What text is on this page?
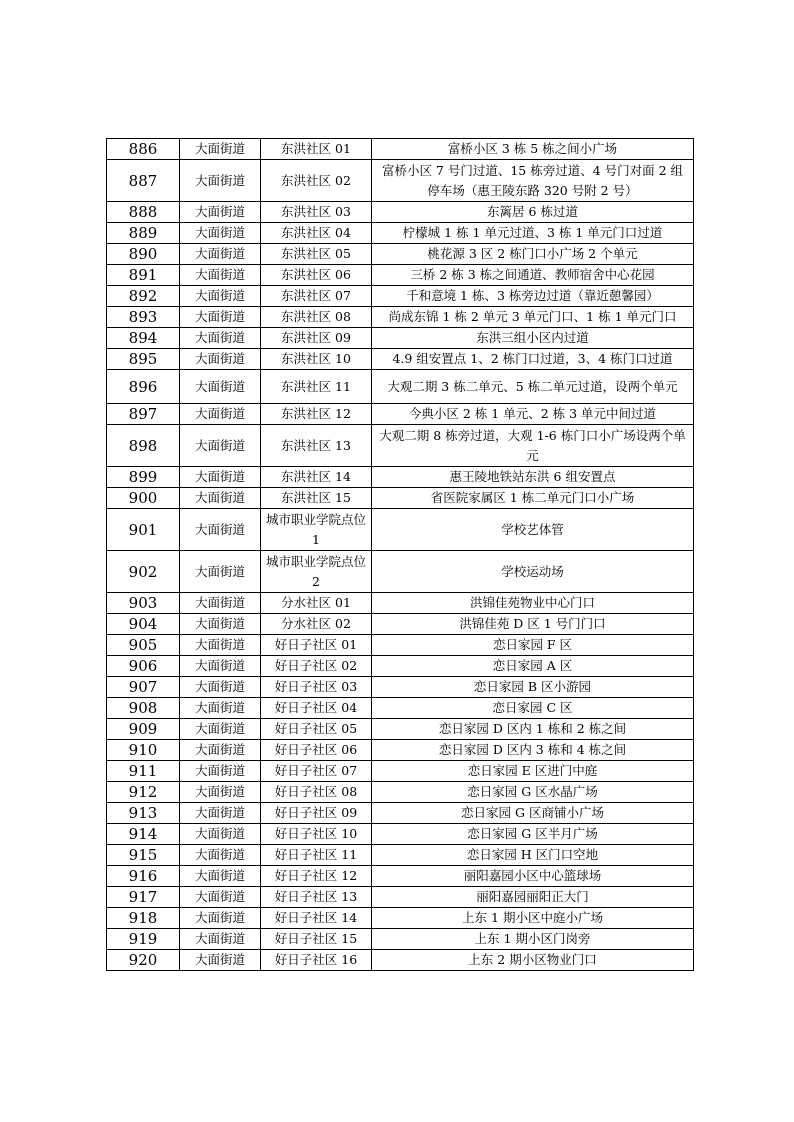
886	大面街道	东洪社区 01	富桥小区 3 栋 5 栋之间小广场
887	大面街道	东洪社区 02	富桥小区 7 号门过道、15 栋旁过道、4 号门对面 2 组停车场（惠王陵东路 320 号附 2 号）
888	大面街道	东洪社区 03	东篱居 6 栋过道
889	大面街道	东洪社区 04	柠檬城 1 栋 1 单元过道、3 栋 1 单元门口过道
890	大面街道	东洪社区 05	桃花源 3 区 2 栋门口小广场 2 个单元
891	大面街道	东洪社区 06	三桥 2 栋 3 栋之间通道、教师宿舍中心花园
892	大面街道	东洪社区 07	千和意境 1 栋、3 栋旁边过道（靠近憩馨园）
893	大面街道	东洪社区 08	尚成东锦 1 栋 2 单元 3 单元门口、1 栋 1 单元门口
894	大面街道	东洪社区 09	东洪三组小区内过道
895	大面街道	东洪社区 10	4.9 组安置点 1、2 栋门口过道，3、4 栋门口过道
896	大面街道	东洪社区 11	大观二期 3 栋二单元、5 栋二单元过道，设两个单元
897	大面街道	东洪社区 12	今典小区 2 栋 1 单元、2 栋 3 单元中间过道
898	大面街道	东洪社区 13	大观二期 8 栋旁过道，大观 1-6 栋门口小广场设两个单元
899	大面街道	东洪社区 14	惠王陵地铁站东洪 6 组安置点
900	大面街道	东洪社区 15	省医院家属区 1 栋二单元门口小广场
901	大面街道	城市职业学院点位 1	学校艺体管
902	大面街道	城市职业学院点位 2	学校运动场
903	大面街道	分水社区 01	洪锦佳苑物业中心门口
904	大面街道	分水社区 02	洪锦佳苑 D 区 1 号门门口
905	大面街道	好日子社区 01	恋日家园 F 区
906	大面街道	好日子社区 02	恋日家园 A 区
907	大面街道	好日子社区 03	恋日家园 B 区小游园
908	大面街道	好日子社区 04	恋日家园 C 区
909	大面街道	好日子社区 05	恋日家园 D 区内 1 栋和 2 栋之间
910	大面街道	好日子社区 06	恋日家园 D 区内 3 栋和 4 栋之间
911	大面街道	好日子社区 07	恋日家园 E 区进门中庭
912	大面街道	好日子社区 08	恋日家园 G 区水晶广场
913	大面街道	好日子社区 09	恋日家园 G 区商铺小广场
914	大面街道	好日子社区 10	恋日家园 G 区半月广场
915	大面街道	好日子社区 11	恋日家园 H 区门口空地
916	大面街道	好日子社区 12	丽阳嘉园小区中心篮球场
917	大面街道	好日子社区 13	丽阳嘉园丽阳正大门
918	大面街道	好日子社区 14	上东 1 期小区中庭小广场
919	大面街道	好日子社区 15	上东 1 期小区门岗旁
920	大面街道	好日子社区 16	上东 2 期小区物业门口
